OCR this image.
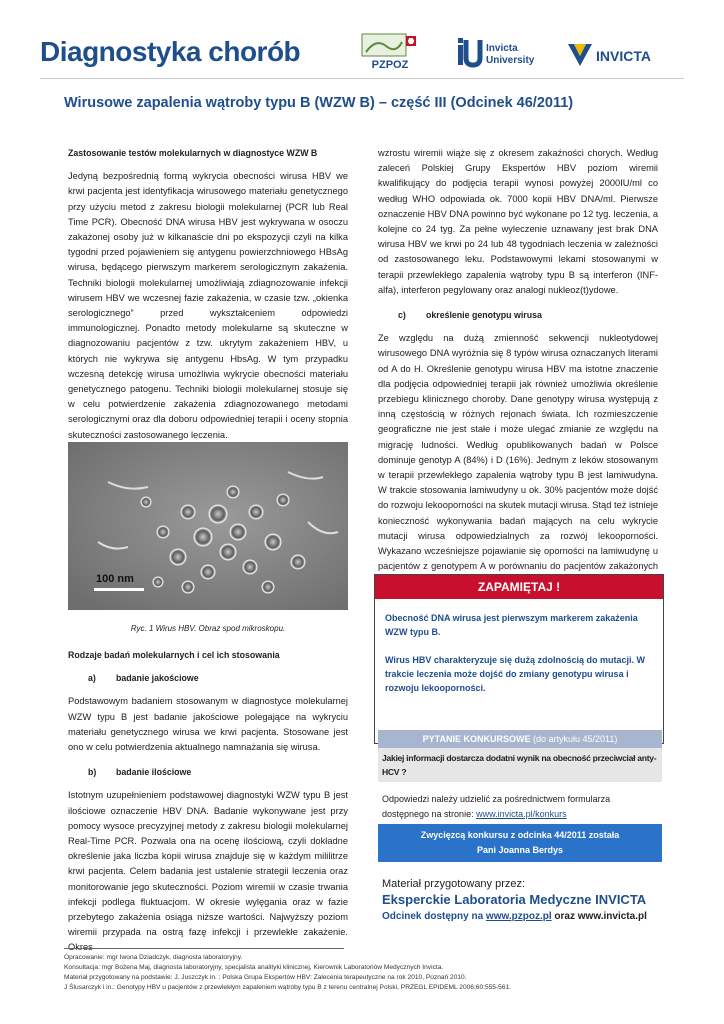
Diagnostyka chorób	PZPOZ
Invicta
University	INVICTA
Wirusowe zapalenia wątroby typu B (WZW B) – część III (Odcinek 46/2011)
Zastosowanie testów molekularnych w diagnostyce WZW B

Jedyną bezpośrednią formą wykrycia obecności wirusa HBV we krwi pacjenta jest identyfikacja wirusowego materiału genetycznego przy użyciu metod z zakresu biologii molekularnej (PCR lub Real Time PCR). Obecność DNA wirusa HBV jest wykrywana w osoczu zakażonej osoby już w kilkanaście dni po ekspozycji czyli na kilka tygodni przed pojawieniem się antygenu powierzchniowego HBsAg wirusa, będącego pierwszym markerem serologicznym zakażenia. Techniki biologii molekularnej umożliwiają zdiagnozowanie infekcji wirusem HBV we wczesnej fazie zakażenia, w czasie tzw. „okienka serologicznego” przed wykształceniem odpowiedzi immunologicznej. Ponadto metody molekularne są skuteczne w diagnozowaniu pacjentów z tzw. ukrytym zakażeniem HBV, u których nie wykrywa się antygenu HbsAg. W tym przypadku wczesną detekcję wirusa umożliwia wykrycie obecności materiału genetycznego patogenu. Techniki biologii molekularnej stosuje się w celu potwierdzenie zakażenia zdiagnozowanego metodami serologicznymi oraz dla doboru odpowiedniej terapii i oceny stopnia skuteczności zastosowanego leczenia.

100 nm
Ryc. 1 Wirus HBV. Obraz spod mikroskopu.
Rodzaje badań molekularnych i cel ich stosowania
a) badanie jakościowe

Podstawowym badaniem stosowanym w diagnostyce molekularnej WZW typu B jest badanie jakościowe polegające na wykryciu materiału genetycznego wirusa we krwi pacjenta. Stosowane jest ono w celu potwierdzenia aktualnego namnażania się wirusa.

b) badanie ilościowe

Istotnym uzupełnieniem podstawowej diagnostyki WZW typu B jest ilościowe oznaczenie HBV DNA. Badanie wykonywane jest przy pomocy wysoce precyzyjnej metody z zakresu biologii molekularnej Real-Time PCR. Pozwala ona na ocenę ilościową, czyli dokładne określenie jaka liczba kopii wirusa znajduje się w każdym mililitrze krwi pacjenta. Celem badania jest ustalenie strategii leczenia oraz monitorowanie jego skuteczności. Poziom wiremii w czasie trwania infekcji podlega fluktuacjom. W okresie wylęgania oraz w fazie przebytego zakażenia osiąga niższe wartości. Najwyższy poziom wiremii przypada na ostrą fazę infekcji i przewlekłe zakażenie. Okres

wzrostu wiremii wiąże się z okresem zakaźności chorych. Według zaleceń Polskiej Grupy Ekspertów HBV poziom wiremii kwalifikujący do podjęcia terapii wynosi powyżej 2000IU/ml co według WHO odpowiada ok. 7000 kopii HBV DNA/ml. Pierwsze oznaczenie HBV DNA powinno być wykonane po 12 tyg. leczenia, a kolejne co 24 tyg. Za pełne wyleczenie uznawany jest brak DNA wirusa HBV we krwi po 24 lub 48 tygodniach leczenia w zależności od zastosowanego leku. Podstawowymi lekami stosowanymi w terapii przewlekłego zapalenia wątroby typu B są interferon (INF-alfa), interferon pegylowany oraz analogi nukleoz(t)ydowe.

c) określenie genotypu wirusa

Ze względu na dużą zmienność sekwencji nukleotydowej wirusowego DNA wyróżnia się 8 typów wirusa oznaczanych literami od A do H. Określenie genotypu wirusa HBV ma istotne znaczenie dla podjęcia odpowiedniej terapii jak również umożliwia określenie przebiegu klinicznego choroby. Dane genotypy wirusa występują z inną częstością w różnych rejonach świata. Ich rozmieszczenie geograficzne nie jest stałe i może ulegać zmianie ze względu na migrację ludności. Według opublikowanych badań w Polsce dominuje genotyp A (84%) i D (16%). Jednym z leków stosowanym w terapii przewlekłego zapalenia wątroby typu B jest lamiwudyna. W trakcie stosowania lamiwudyny u ok. 30% pacjentów może dojść do rozwoju lekooporności na skutek mutacji wirusa. Stąd też istnieje konieczność wykonywania badań mających na celu wykrycie mutacji wirusa odpowiedzialnych za rozwój lekooporności. Wykazano wcześniejsze pojawianie się oporności na lamiwudynę u pacjentów z genotypem A w porównaniu do pacjentów zakażonych

ZAPAMIĘTAJ !

Obecność DNA wirusa jest pierwszym markerem zakażenia WZW typu B.

Wirus HBV charakteryzuje się dużą zdolnością do mutacji. W trakcie leczenia może dojść do zmiany genotypu wirusa i rozwoju lekooporności.

PYTANIE KONKURSOWE (do artykułu 45/2011)
Jakiej informacji dostarcza dodatni wynik na obecność przeciwciał anty-HCV ?
Odpowiedzi należy udzielić za pośrednictwem formularza dostępnego na stronie: www.invicta.pl/konkurs
Zwycięzcą konkursu z odcinka 44/2011 została
Pani Joanna Berdys
Materiał przygotowany przez:
Eksperckie Laboratoria Medyczne INVICTA
Odcinek dostępny na www.pzpoz.pl oraz www.invicta.pl
Opracowanie: mgr Iwona Dziadczyk, diagnosta laboratoryjny.
Konsultacja: mgr Bożena Maj, diagnosta laboratoryjny, specjalista analityki klinicznej, Kierownik Laboratoriów Medycznych Invicta.
Materiał przygotowany na podstawie: J. Juszczyk in. : Polska Grupa Ekspertów HBV: Zalecenia terapeutyczne na rok 2010, Poznań 2010.
J Ślusarczyk i in.: Genotypy HBV u pacjentów z przewlekłym zapaleniem wątroby typu B z terenu centralnej Polski, PRZEGL EPIDEML 2006;60:555-561.
